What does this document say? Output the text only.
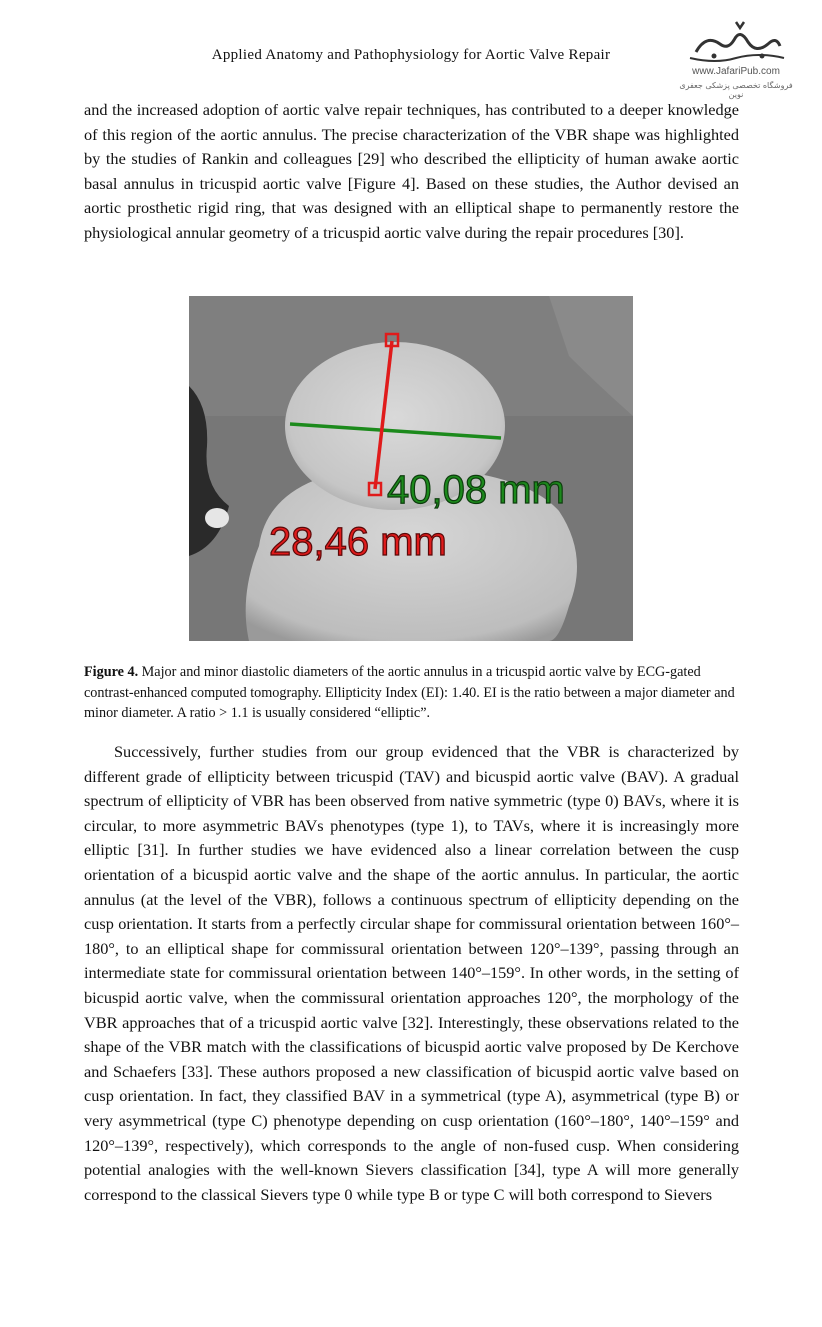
Applied Anatomy and Pathophysiology for Aortic Valve Repair
www.JafariPub.com
فروشگاه تخصصی پزشکی جعفری نوین

and the increased adoption of aortic valve repair techniques, has contributed to a deeper knowledge of this region of the aortic annulus. The precise characterization of the VBR shape was highlighted by the studies of Rankin and colleagues [29] who described the ellipticity of human awake aortic basal annulus in tricuspid aortic valve [Figure 4]. Based on these studies, the Author devised an aortic prosthetic rigid ring, that was designed with an elliptical shape to permanently restore the physiological annular geometry of a tricuspid aortic valve during the repair procedures [30].

40,08 mm
28,46 mm

Figure 4. Major and minor diastolic diameters of the aortic annulus in a tricuspid aortic valve by ECG-gated contrast-enhanced computed tomography. Ellipticity Index (EI): 1.40. EI is the ratio between a major diameter and minor diameter. A ratio > 1.1 is usually considered “elliptic”.

Successively, further studies from our group evidenced that the VBR is characterized by different grade of ellipticity between tricuspid (TAV) and bicuspid aortic valve (BAV). A gradual spectrum of ellipticity of VBR has been observed from native symmetric (type 0) BAVs, where it is circular, to more asymmetric BAVs phenotypes (type 1), to TAVs, where it is increasingly more elliptic [31]. In further studies we have evidenced also a linear correlation between the cusp orientation of a bicuspid aortic valve and the shape of the aortic annulus. In particular, the aortic annulus (at the level of the VBR), follows a continuous spectrum of ellipticity depending on the cusp orientation. It starts from a perfectly circular shape for commissural orientation between 160°–180°, to an elliptical shape for commissural orientation between 120°–139°, passing through an intermediate state for commissural orientation between 140°–159°. In other words, in the setting of bicuspid aortic valve, when the commissural orientation approaches 120°, the morphology of the VBR approaches that of a tricuspid aortic valve [32]. Interestingly, these observations related to the shape of the VBR match with the classifications of bicuspid aortic valve proposed by De Kerchove and Schaefers [33]. These authors proposed a new classification of bicuspid aortic valve based on cusp orientation. In fact, they classified BAV in a symmetrical (type A), asymmetrical (type B) or very asymmetrical (type C) phenotype depending on cusp orientation (160°–180°, 140°–159° and 120°–139°, respectively), which corresponds to the angle of non-fused cusp. When considering potential analogies with the well-known Sievers classification [34], type A will more generally correspond to the classical Sievers type 0 while type B or type C will both correspond to Sievers
